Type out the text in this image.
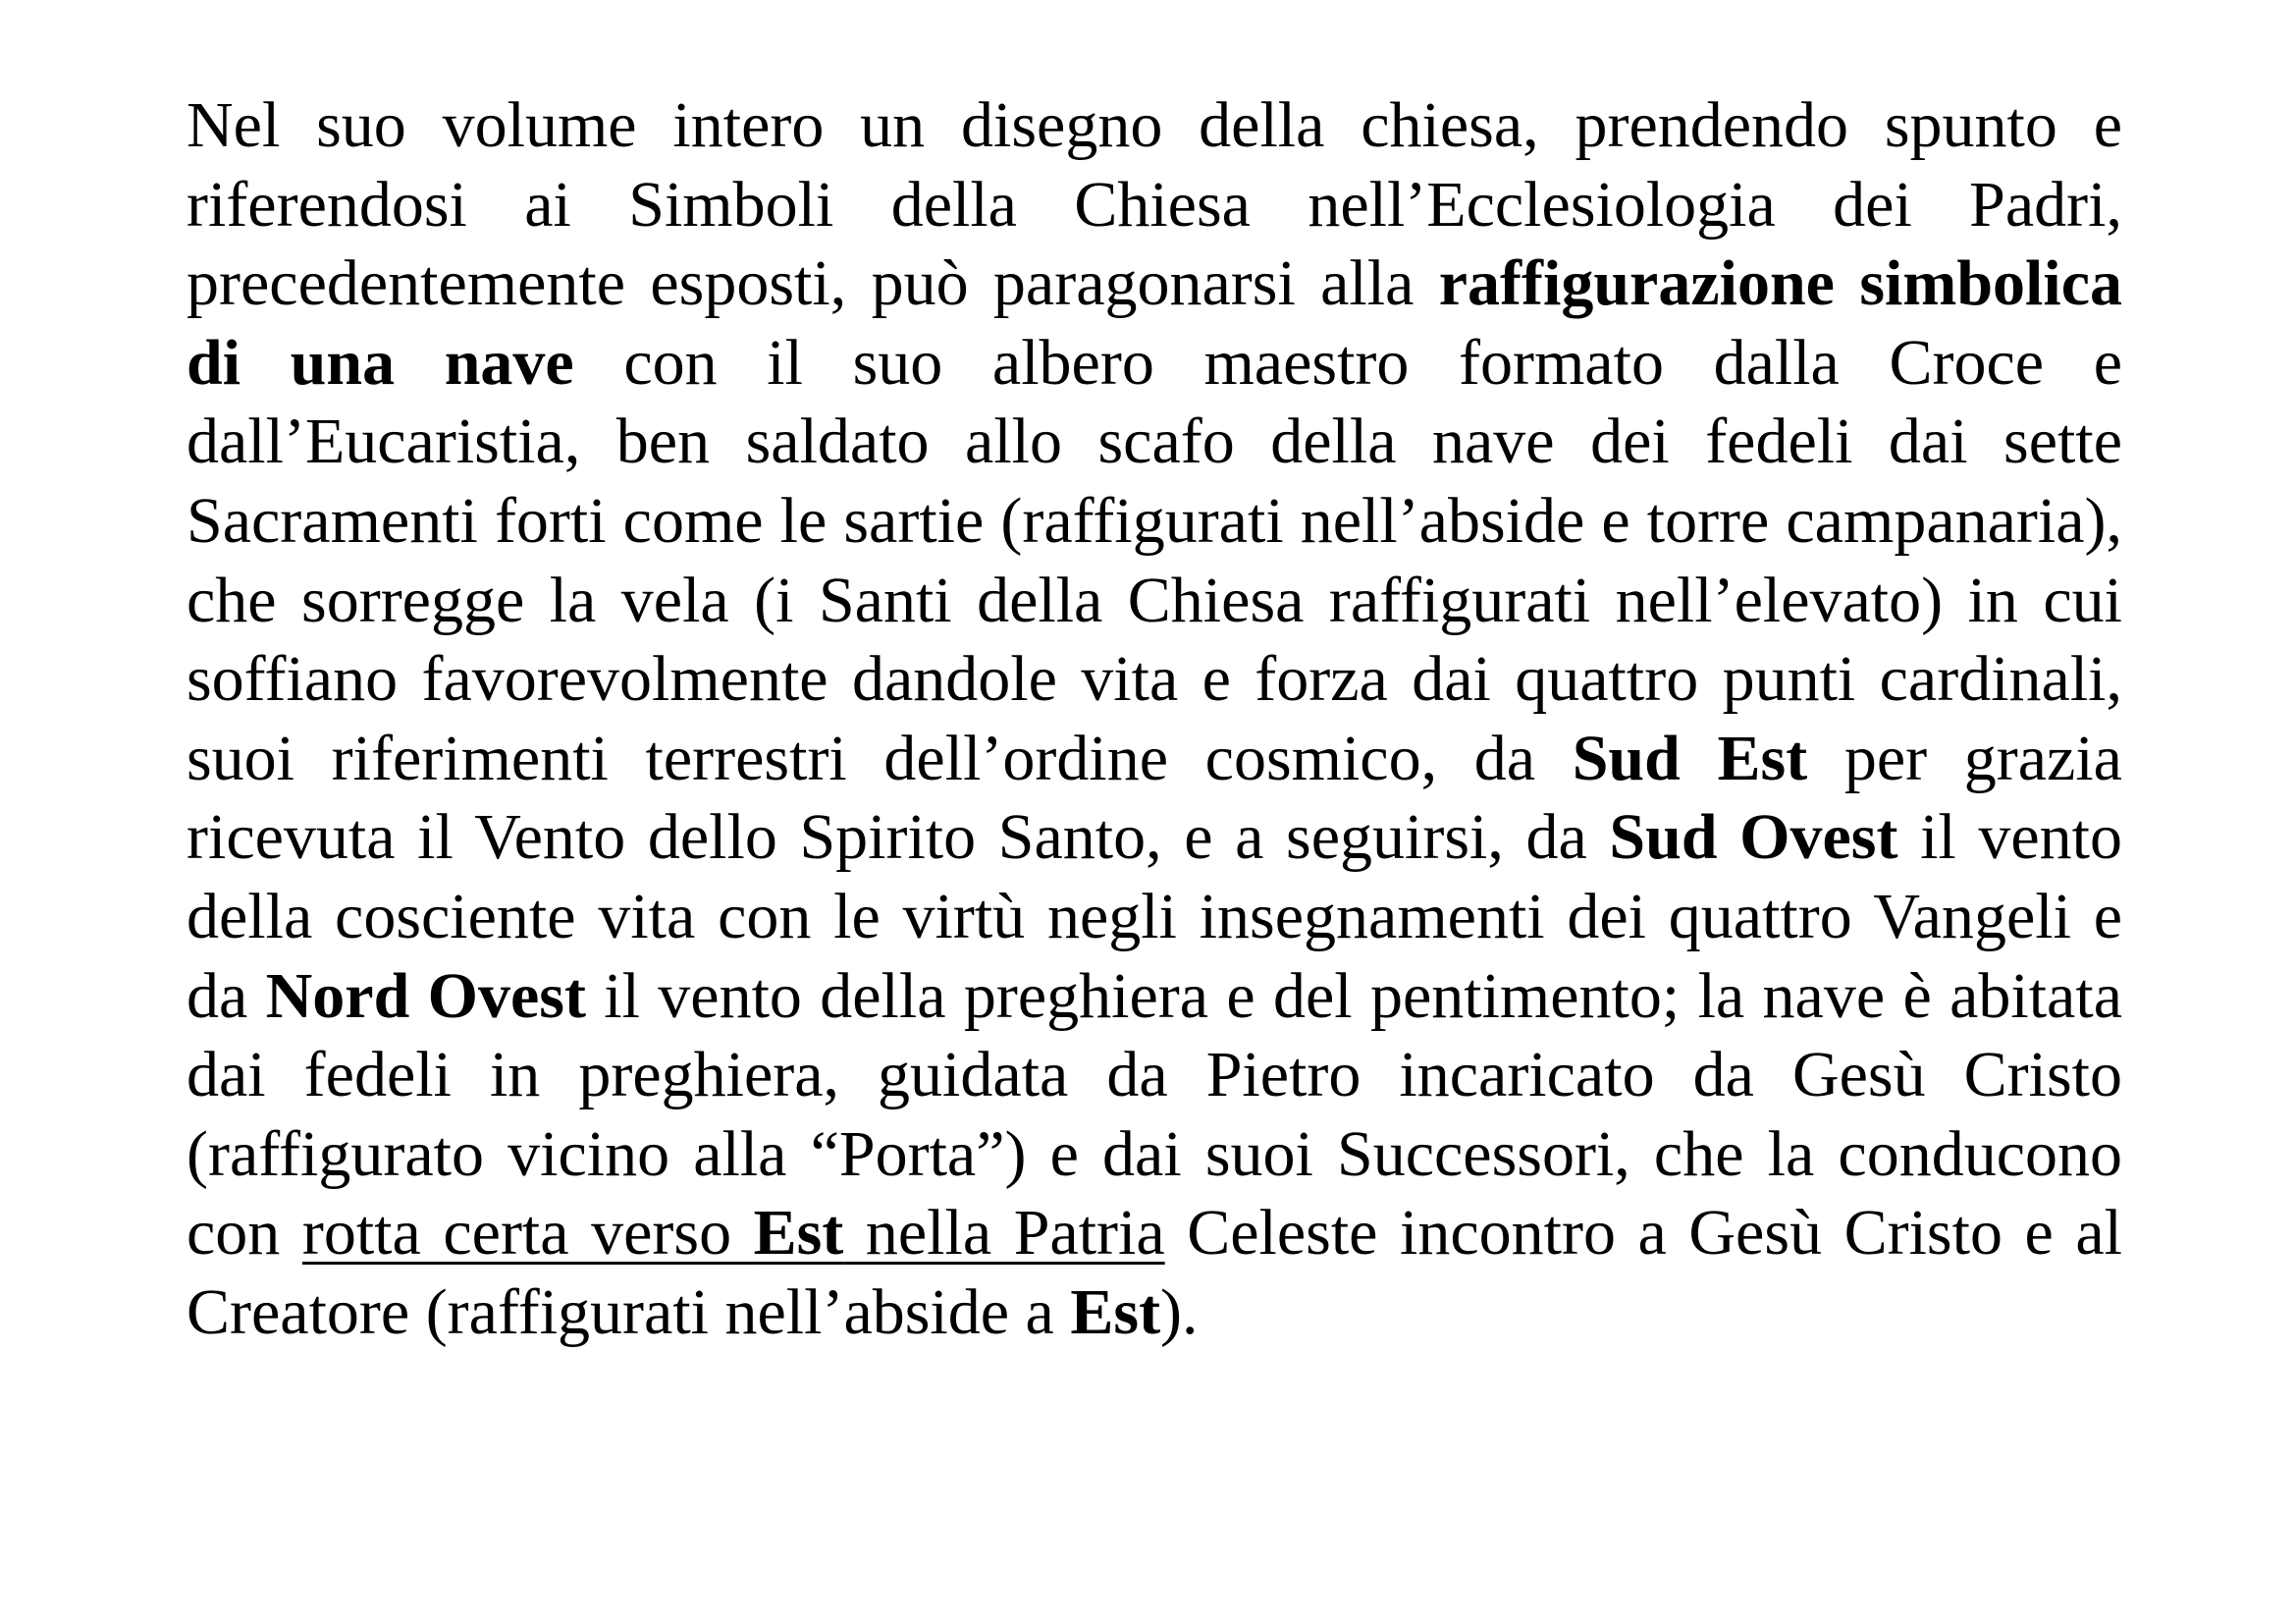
Nel suo volume intero un disegno della chiesa, prendendo spunto e riferendosi ai Simboli della Chiesa nell’Ecclesiologia dei Padri, precedentemente esposti, può paragonarsi alla raffigurazione simbolica di una nave con il suo albero maestro formato dalla Croce e dall’Eucaristia, ben saldato allo scafo della nave dei fedeli dai sette Sacramenti forti come le sartie (raffigurati nell’abside e torre campanaria), che sorregge la vela (i Santi della Chiesa raffigurati nell’elevato) in cui soffiano favorevolmente dandole vita e forza dai quattro punti cardinali, suoi riferimenti terrestri dell’ordine cosmico, da Sud Est per grazia ricevuta il Vento dello Spirito Santo, e a seguirsi, da Sud Ovest il vento della cosciente vita con le virtù negli insegnamenti dei quattro Vangeli e da Nord Ovest il vento della preghiera e del pentimento; la nave è abitata dai fedeli in preghiera, guidata da Pietro incaricato da Gesù Cristo (raffigurato vicino alla “Porta”) e dai suoi Successori, che la conducono con rotta certa verso Est nella Patria Celeste incontro a Gesù Cristo e al Creatore (raffigurati nell’abside a Est).
